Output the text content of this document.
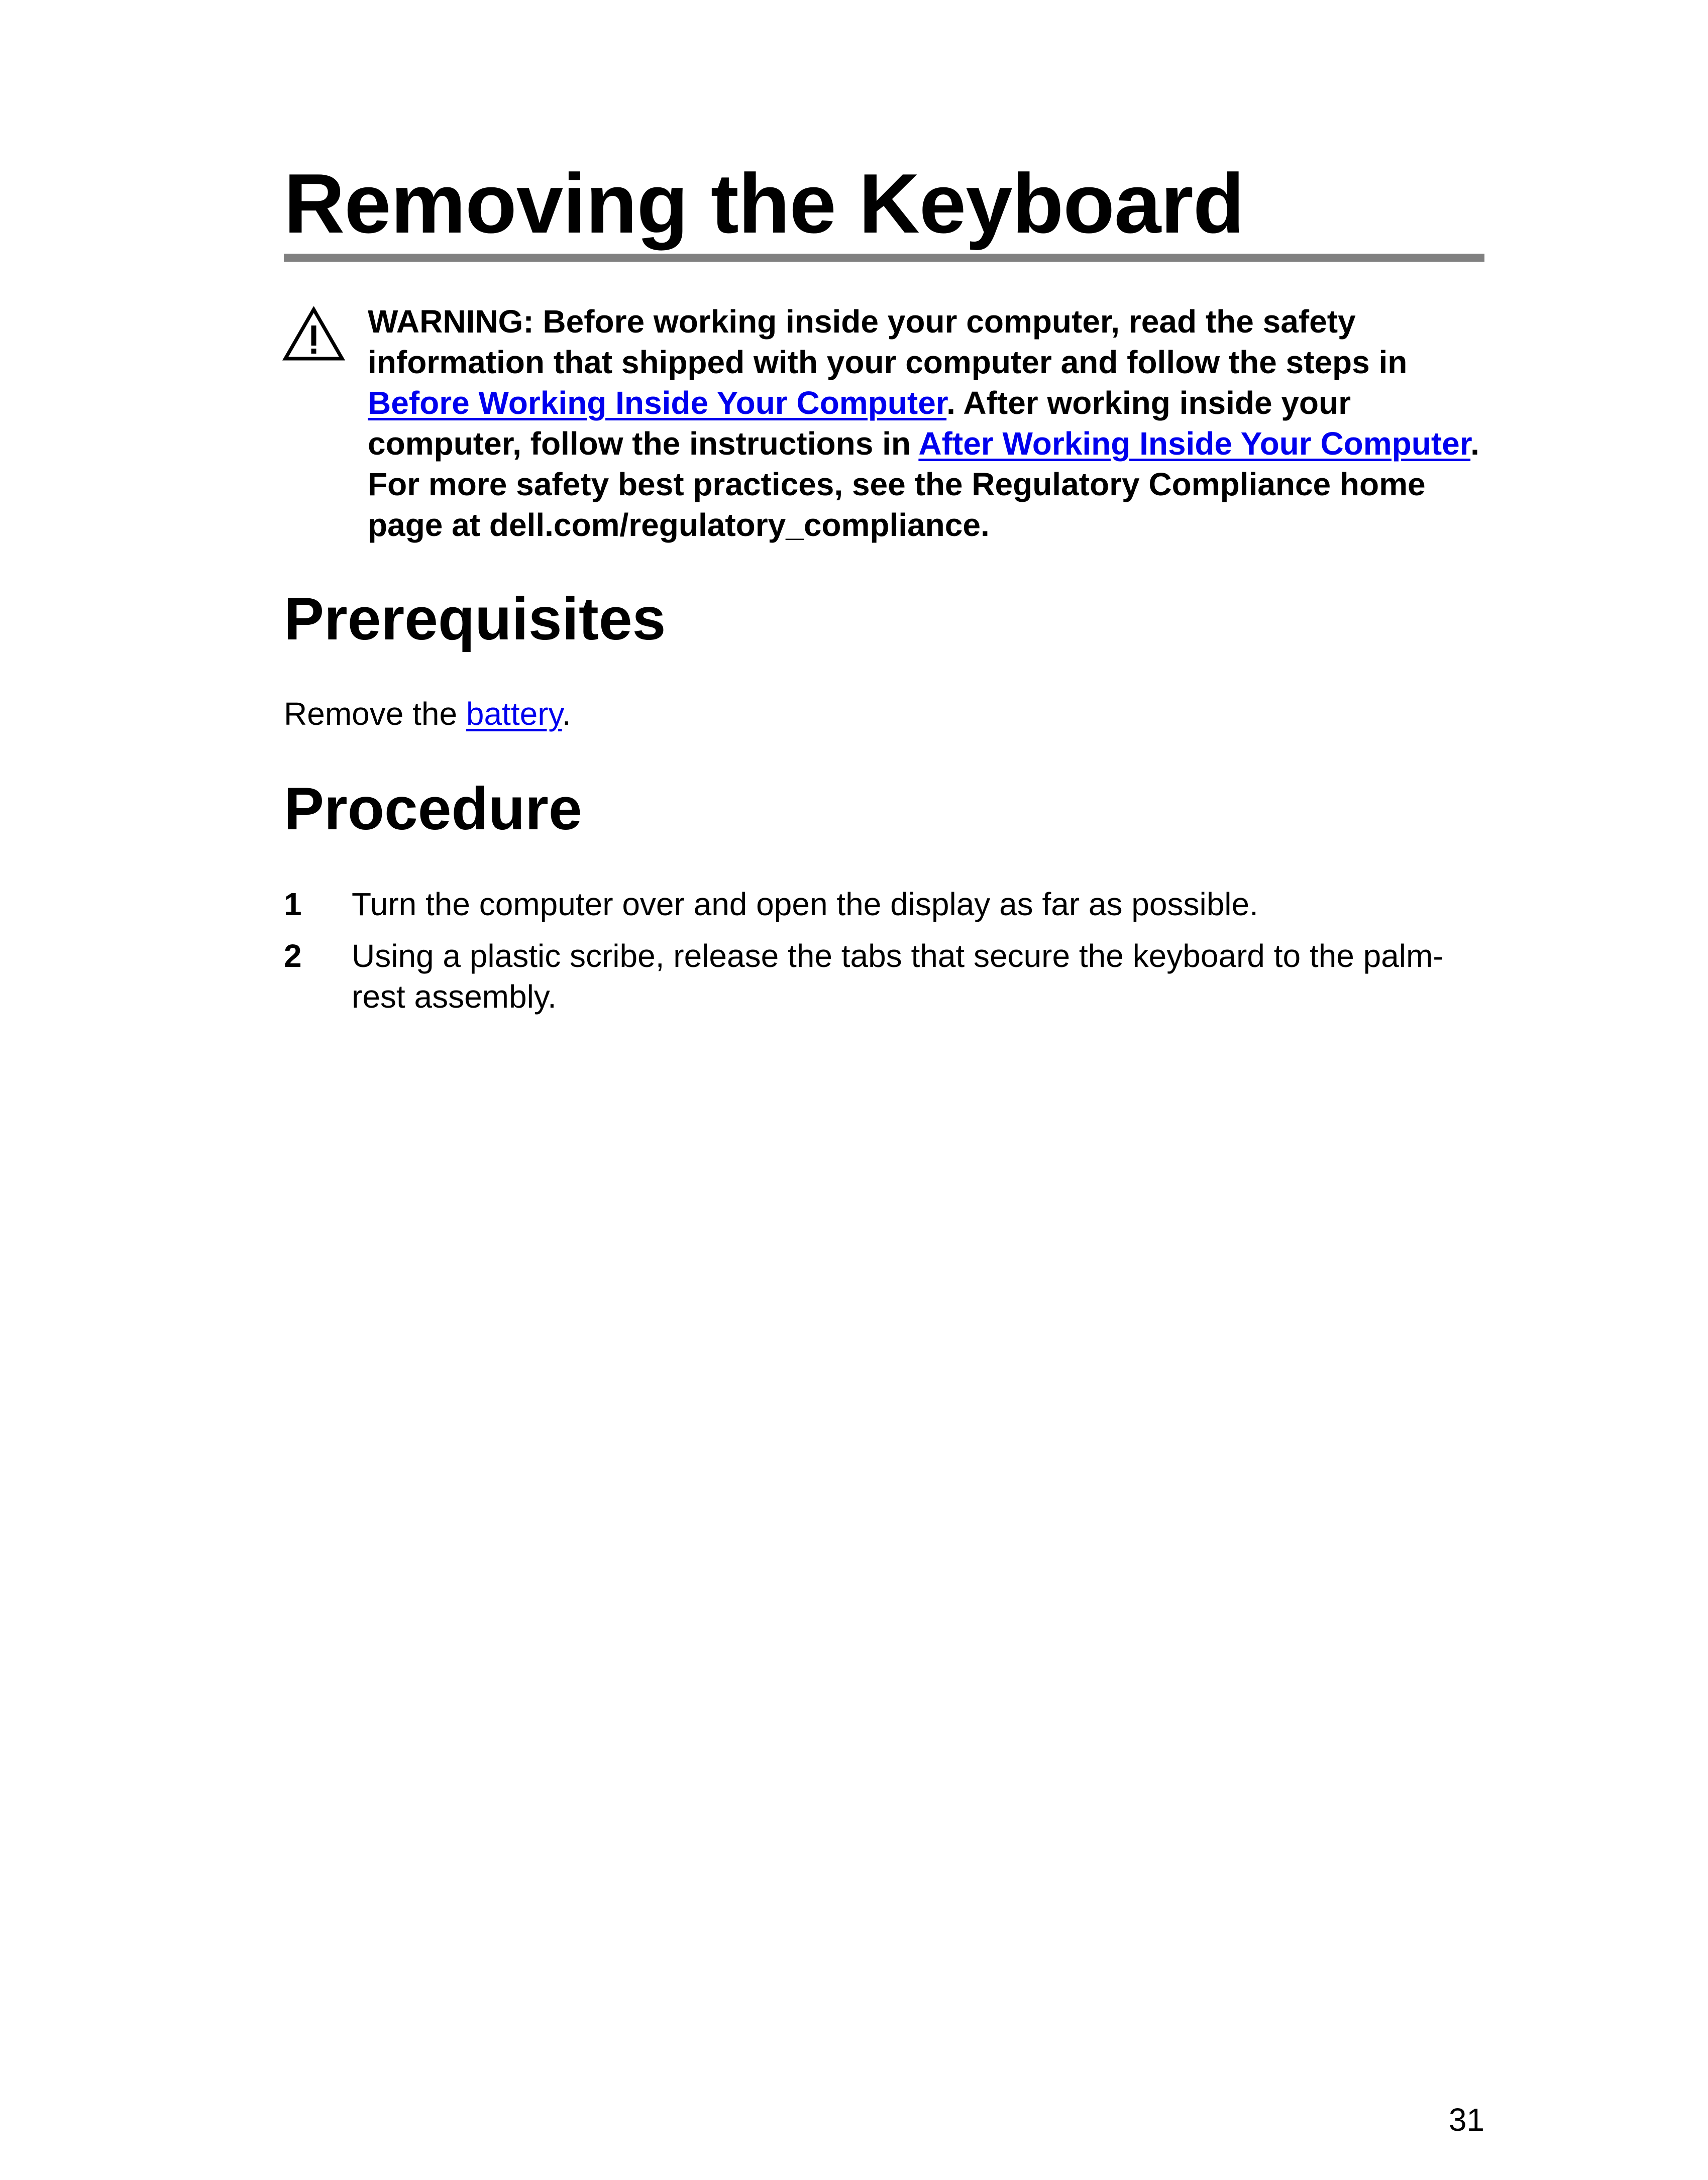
Removing the Keyboard

WARNING: Before working inside your computer, read the safety information that shipped with your computer and follow the steps in Before Working Inside Your Computer. After working inside your computer, follow the instructions in After Working Inside Your Computer. For more safety best practices, see the Regulatory Compliance home page at dell.com/regulatory_compliance.

Prerequisites

Remove the battery.

Procedure
1 Turn the computer over and open the display as far as possible.
2 Using a plastic scribe, release the tabs that secure the keyboard to the palm-rest assembly.
31
